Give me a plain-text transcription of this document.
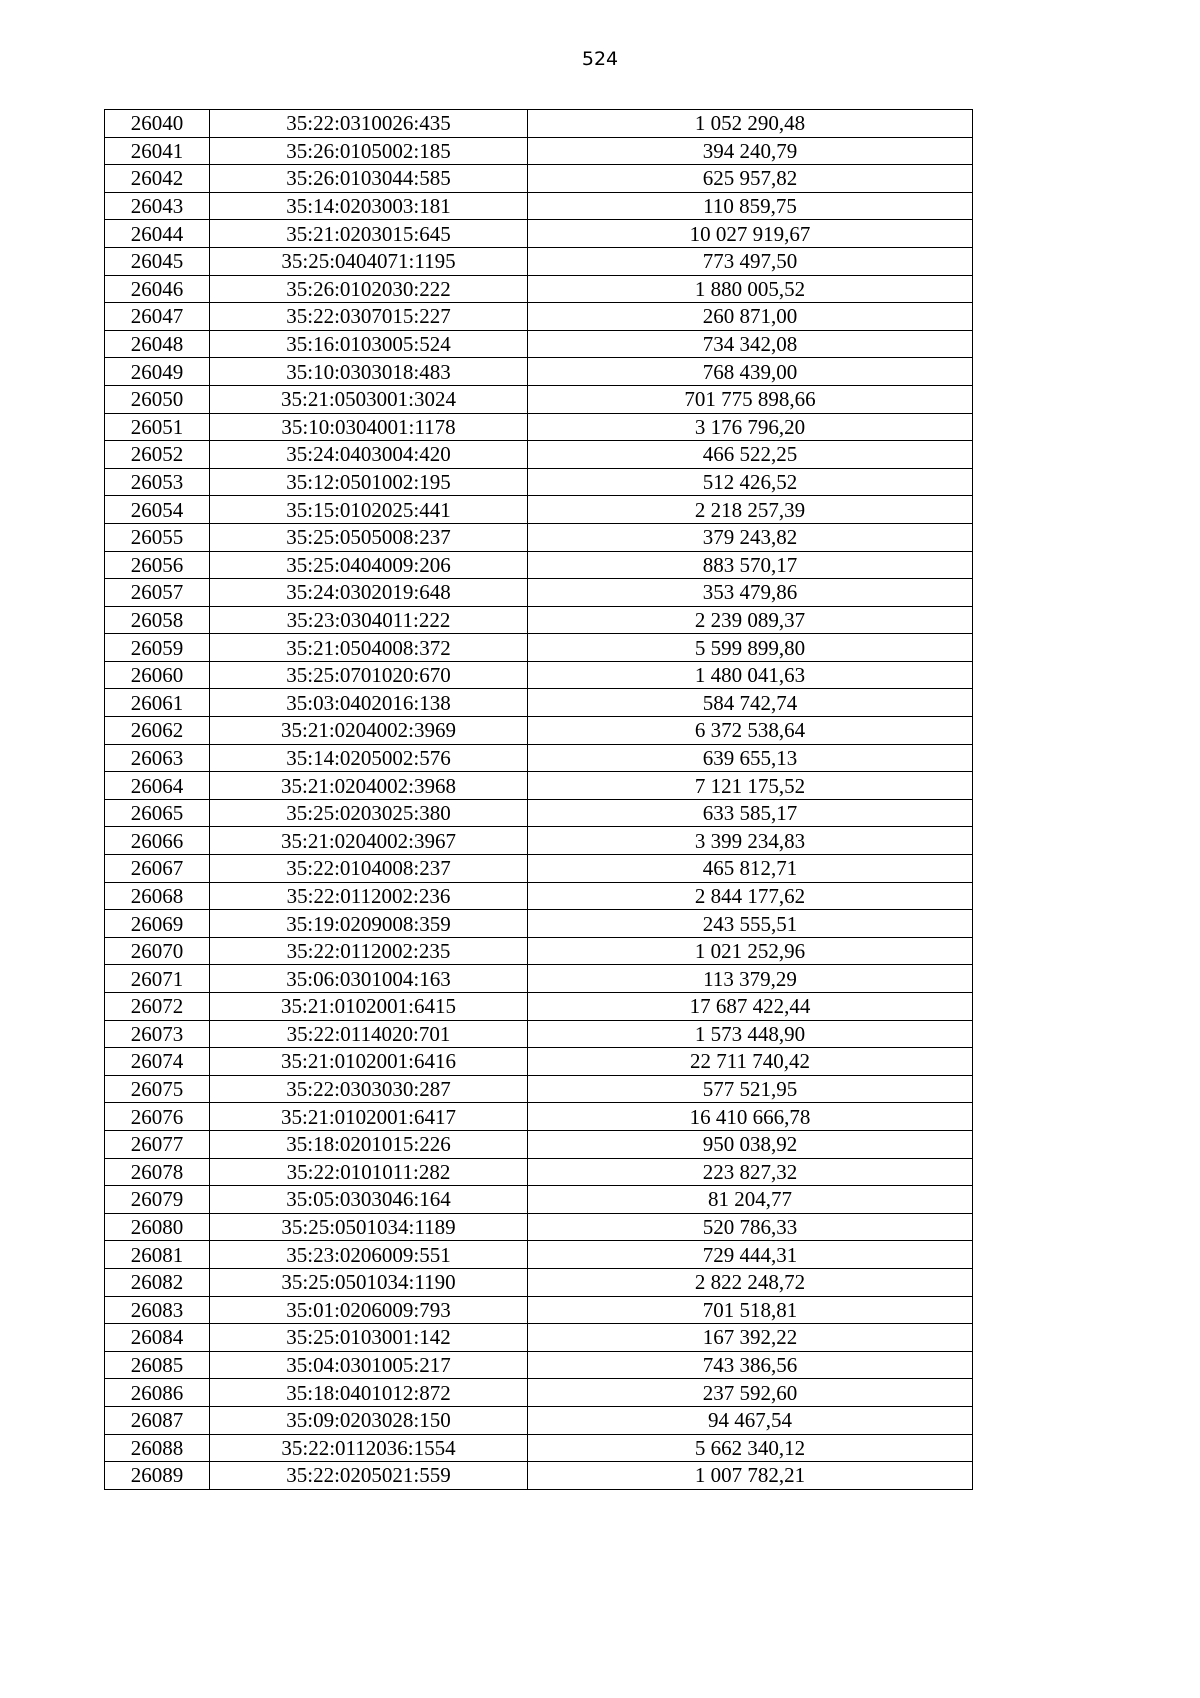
524
26040	35:22:0310026:435	1 052 290,48
26041	35:26:0105002:185	394 240,79
26042	35:26:0103044:585	625 957,82
26043	35:14:0203003:181	110 859,75
26044	35:21:0203015:645	10 027 919,67
26045	35:25:0404071:1195	773 497,50
26046	35:26:0102030:222	1 880 005,52
26047	35:22:0307015:227	260 871,00
26048	35:16:0103005:524	734 342,08
26049	35:10:0303018:483	768 439,00
26050	35:21:0503001:3024	701 775 898,66
26051	35:10:0304001:1178	3 176 796,20
26052	35:24:0403004:420	466 522,25
26053	35:12:0501002:195	512 426,52
26054	35:15:0102025:441	2 218 257,39
26055	35:25:0505008:237	379 243,82
26056	35:25:0404009:206	883 570,17
26057	35:24:0302019:648	353 479,86
26058	35:23:0304011:222	2 239 089,37
26059	35:21:0504008:372	5 599 899,80
26060	35:25:0701020:670	1 480 041,63
26061	35:03:0402016:138	584 742,74
26062	35:21:0204002:3969	6 372 538,64
26063	35:14:0205002:576	639 655,13
26064	35:21:0204002:3968	7 121 175,52
26065	35:25:0203025:380	633 585,17
26066	35:21:0204002:3967	3 399 234,83
26067	35:22:0104008:237	465 812,71
26068	35:22:0112002:236	2 844 177,62
26069	35:19:0209008:359	243 555,51
26070	35:22:0112002:235	1 021 252,96
26071	35:06:0301004:163	113 379,29
26072	35:21:0102001:6415	17 687 422,44
26073	35:22:0114020:701	1 573 448,90
26074	35:21:0102001:6416	22 711 740,42
26075	35:22:0303030:287	577 521,95
26076	35:21:0102001:6417	16 410 666,78
26077	35:18:0201015:226	950 038,92
26078	35:22:0101011:282	223 827,32
26079	35:05:0303046:164	81 204,77
26080	35:25:0501034:1189	520 786,33
26081	35:23:0206009:551	729 444,31
26082	35:25:0501034:1190	2 822 248,72
26083	35:01:0206009:793	701 518,81
26084	35:25:0103001:142	167 392,22
26085	35:04:0301005:217	743 386,56
26086	35:18:0401012:872	237 592,60
26087	35:09:0203028:150	94 467,54
26088	35:22:0112036:1554	5 662 340,12
26089	35:22:0205021:559	1 007 782,21
